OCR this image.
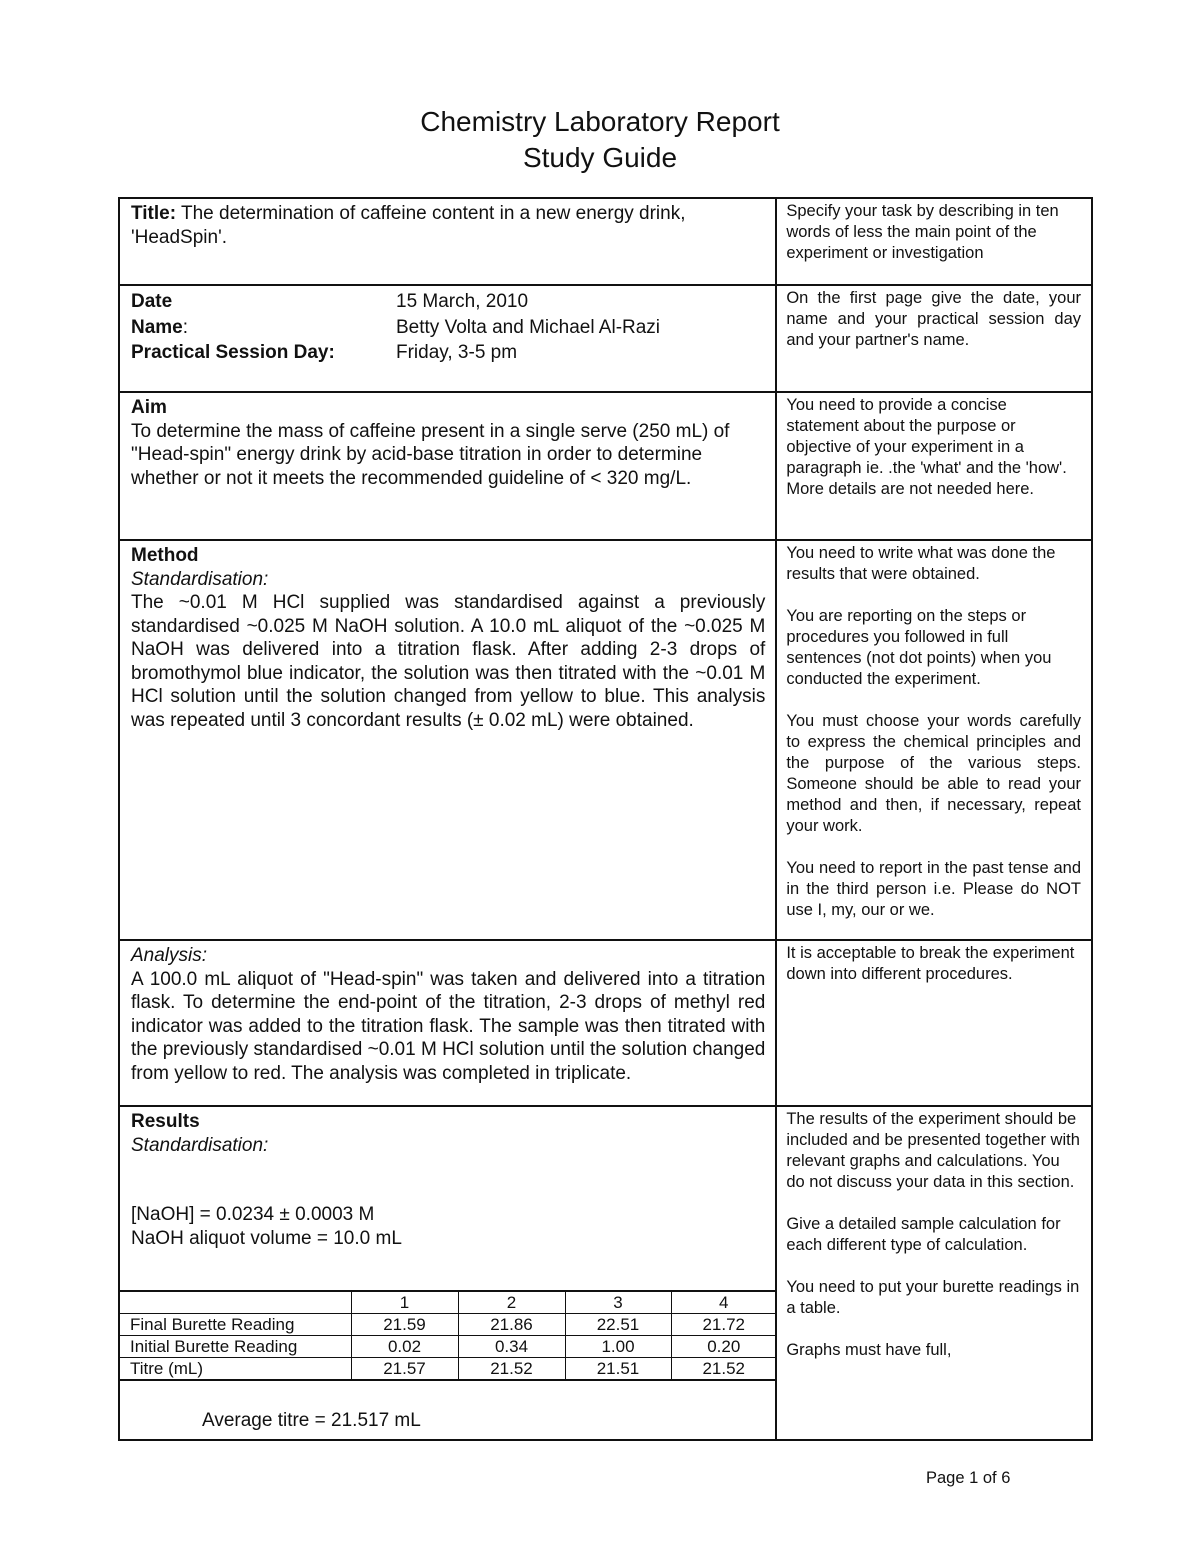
Chemistry Laboratory Report
Study Guide
Title: The determination of caffeine content in a new energy drink, 'HeadSpin'.

Specify your task by describing in ten words of less the main point of the experiment or investigation

Date	15 March, 2010
Name:	Betty Volta and Michael Al-Razi
Practical Session Day:	Friday, 3-5 pm

On the first page give the date, your name and your practical session day and your partner's name.

Aim

To determine the mass of caffeine present in a single serve (250 mL) of "Head-spin" energy drink by acid-base titration in order to determine whether or not it meets the recommended guideline of < 320 mg/L.

You need to provide a concise statement about the purpose or objective of your experiment in a paragraph ie. .the 'what' and the 'how'. More details are not needed here.

Method
Standardisation:

The ~0.01 M HCl supplied was standardised against a previously standardised ~0.025 M NaOH solution. A 10.0 mL aliquot of the ~0.025 M NaOH was delivered into a titration flask. After adding 2-3 drops of bromothymol blue indicator, the solution was then titrated with the ~0.01 M HCl solution until the solution changed from yellow to blue. This analysis was repeated until 3 concordant results (± 0.02 mL) were obtained.

You need to write what was done the results that were obtained.

You are reporting on the steps or procedures you followed in full sentences (not dot points) when you conducted the experiment.

You must choose your words carefully to express the chemical principles and the purpose of the various steps. Someone should be able to read your method and then, if necessary, repeat your work.

You need to report in the past tense and in the third person i.e. Please do NOT use I, my, our or we.

Analysis:

A 100.0 mL aliquot of "Head-spin" was taken and delivered into a titration flask. To determine the end-point of the titration, 2-3 drops of methyl red indicator was added to the titration flask. The sample was then titrated with the previously standardised ~0.01 M HCl solution until the solution changed from yellow to red. The analysis was completed in triplicate.

It is acceptable to break the experiment down into different procedures.

Results
Standardisation:
[NaOH] = 0.0234 ± 0.0003 M
NaOH aliquot volume = 10.0 mL
	1	2	3	4
Final Burette Reading	21.59	21.86	22.51	21.72
Initial Burette Reading	0.02	0.34	1.00	0.20
Titre (mL)	21.57	21.52	21.51	21.52
Average titre = 21.517 mL

The results of the experiment should be included and be presented together with relevant graphs and calculations. You do not discuss your data in this section.

Give a detailed sample calculation for each different type of calculation.

You need to put your burette readings in a table.

Graphs must have full,

Page 1 of 6
